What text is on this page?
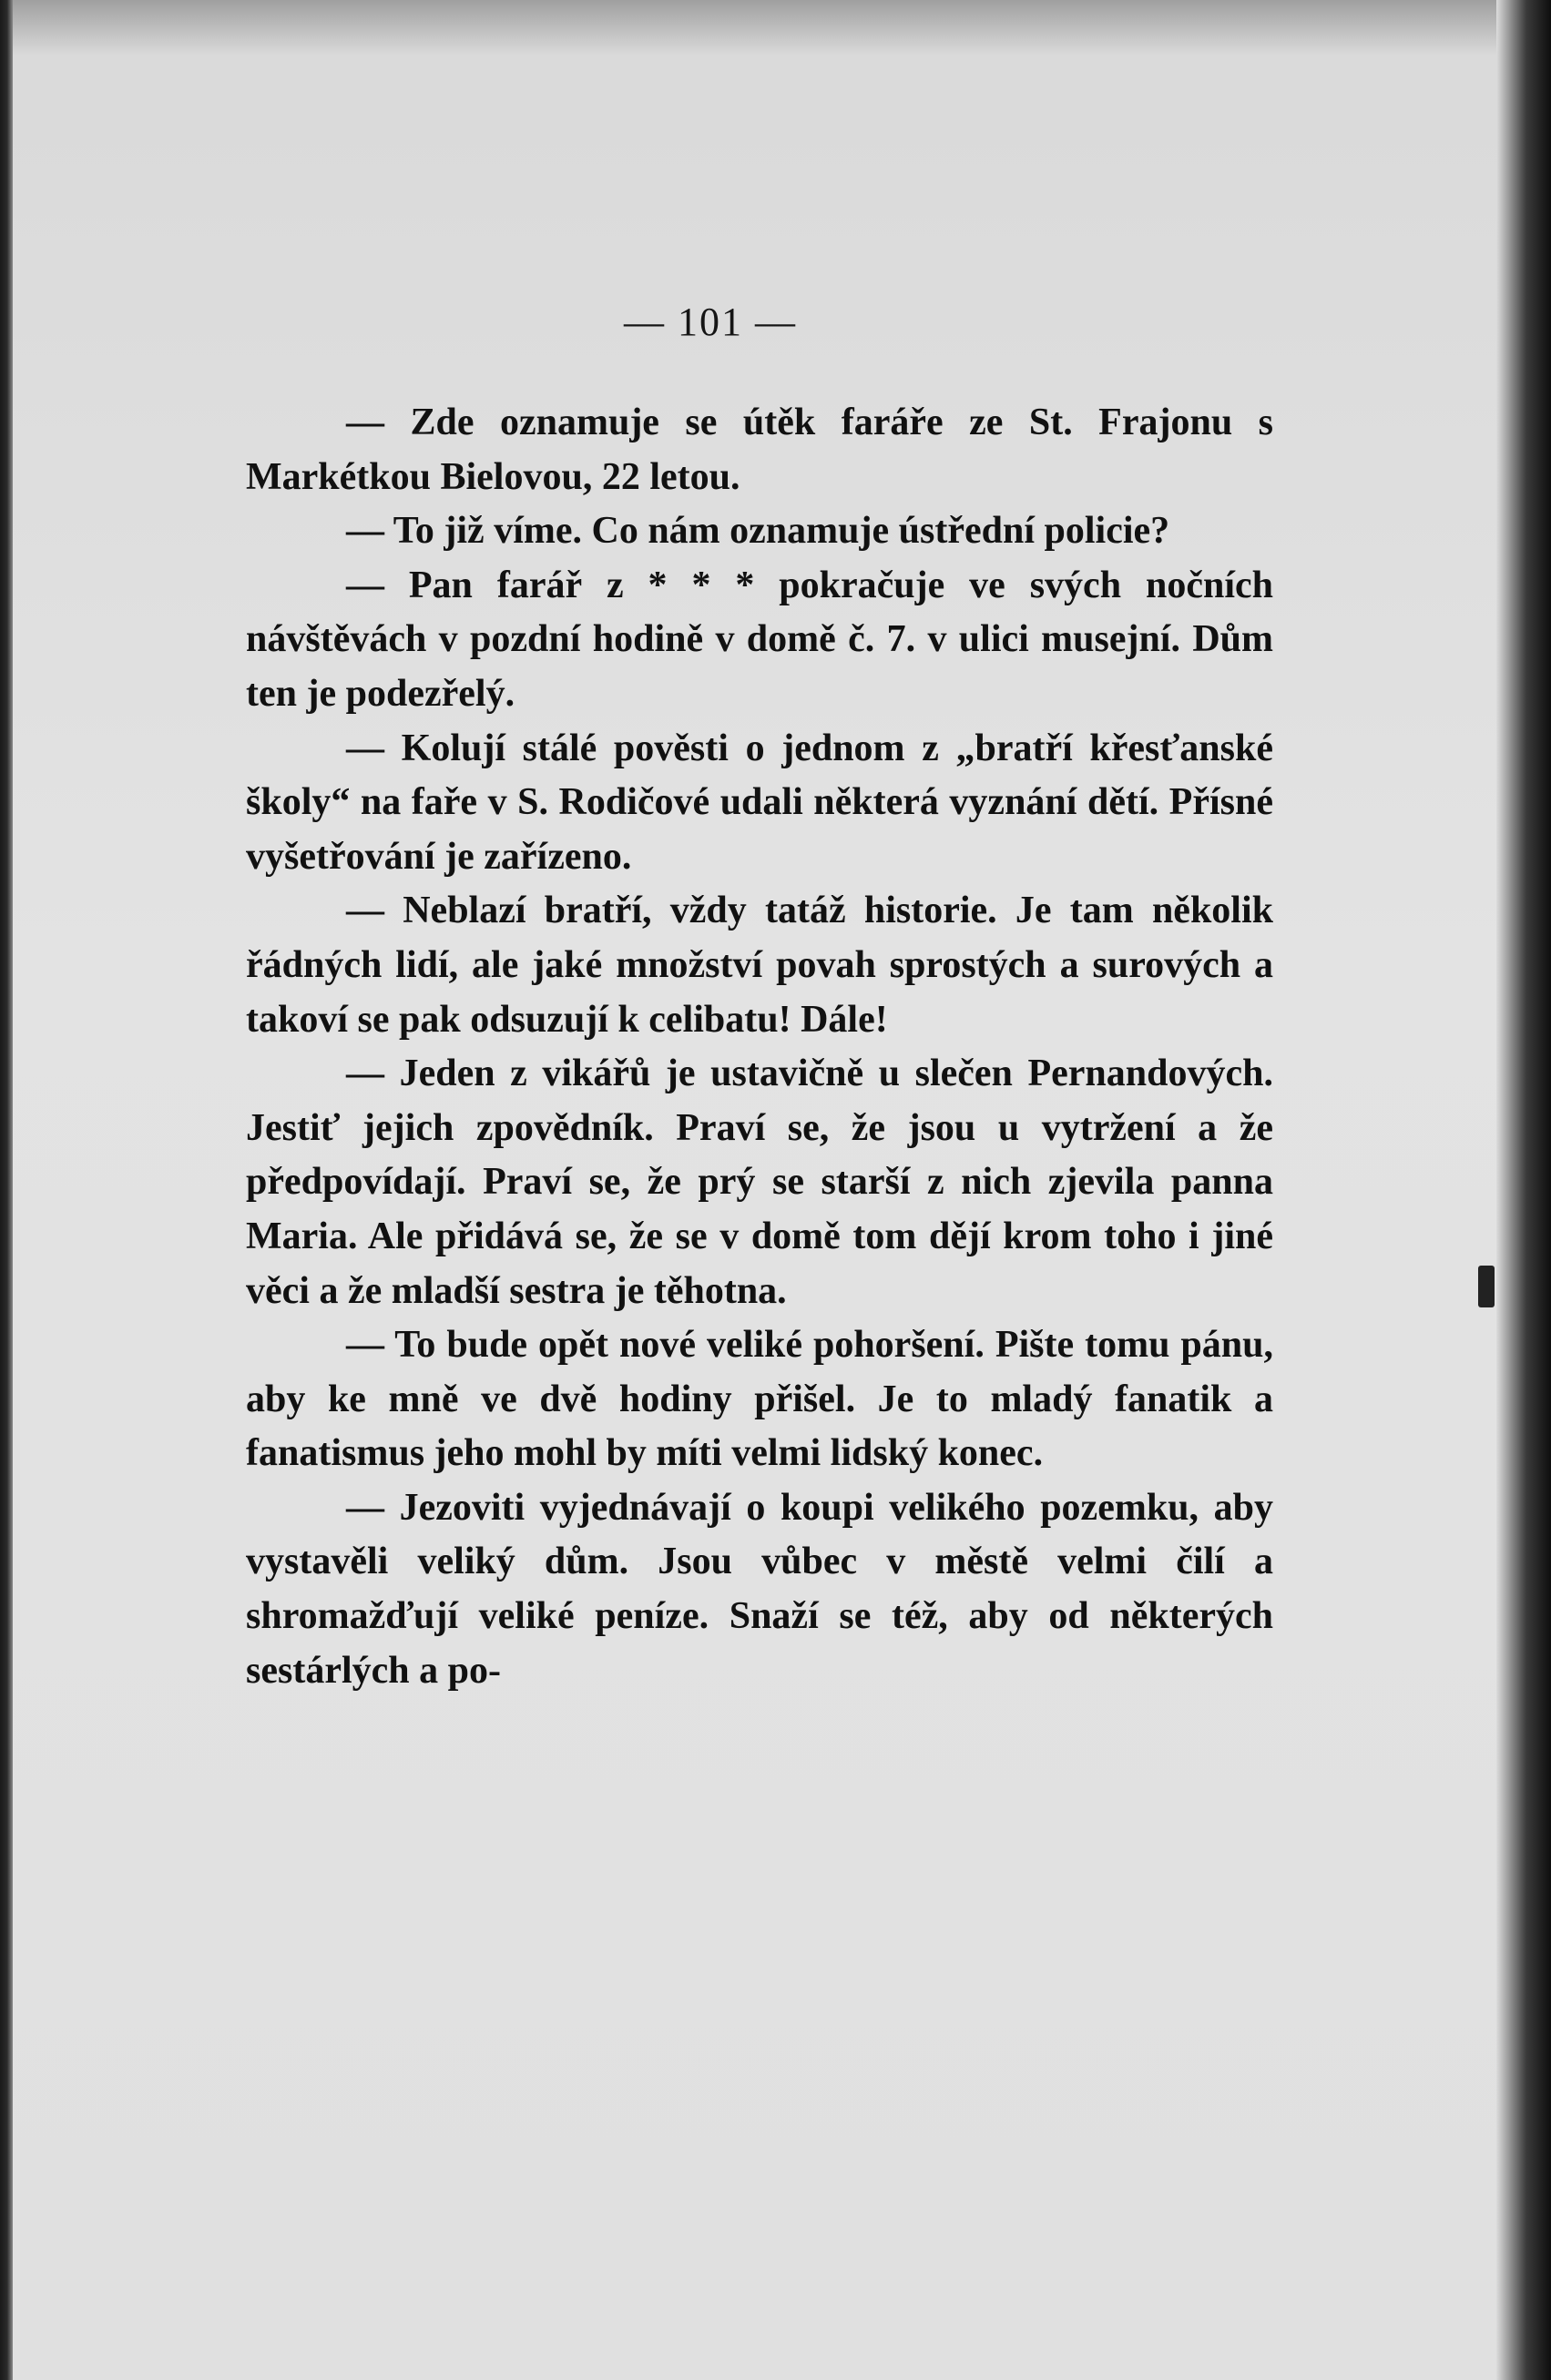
— 101 —

— Zde oznamuje se útěk faráře ze St. Frajonu s Markétkou Bielovou, 22 letou.

— To již víme. Co nám oznamuje ústřední policie?

— Pan farář z * * * pokračuje ve svých nočních návštěvách v pozdní hodině v domě č. 7. v ulici musejní. Dům ten je podezřelý.

— Kolují stálé pověsti o jednom z „bratří křesťanské školy“ na faře v S. Rodičové udali některá vyznání dětí. Přísné vyšetřování je zařízeno.

— Neblazí bratří, vždy tatáž historie. Je tam několik řádných lidí, ale jaké množství povah sprostých a surových a takoví se pak odsuzují k celibatu! Dále!

— Jeden z vikářů je ustavičně u slečen Pernandových. Jestiť jejich zpovědník. Praví se, že jsou u vytržení a že předpovídají. Praví se, že prý se starší z nich zjevila panna Maria. Ale přidává se, že se v domě tom dějí krom toho i jiné věci a že mladší sestra je těhotna.

— To bude opět nové veliké pohoršení. Pište tomu pánu, aby ke mně ve dvě hodiny přišel. Je to mladý fanatik a fanatismus jeho mohl by míti velmi lidský konec.

— Jezoviti vyjednávají o koupi velikého pozemku, aby vystavěli veliký dům. Jsou vůbec v městě velmi čilí a shromažďují veliké peníze. Snaží se též, aby od některých sestárlých a po-
